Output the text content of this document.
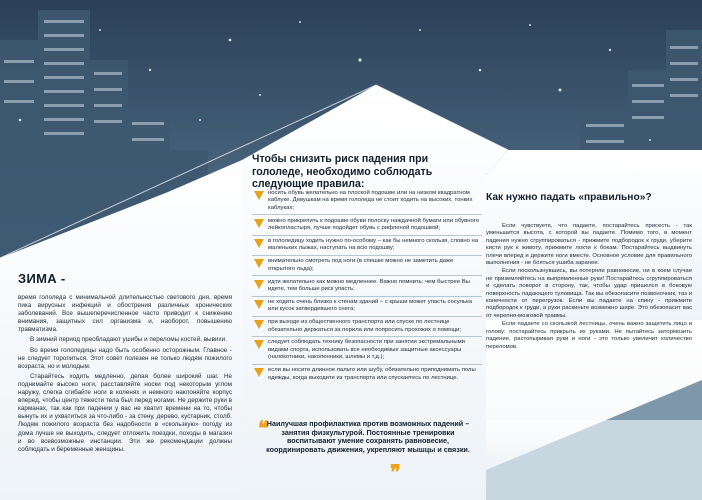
ЗИМА -

время гололеда с минимальной длительностью светового дня, время пика вирусных инфекций и обострения различных хронических заболеваний. Все вышеперечисленное часто приводит к снижению внимания, защитных сил организма и, наоборот, повышению травматизма.

В зимний период преобладают ушибы и переломы костей, вывихи.

Во время гололедицы надо быть особенно осторожным. Главное - не следует торопиться. Этот совет полезен не только людям пожилого возраста, но и молодым.

Старайтесь ходить медленно, делая более широкий шаг. Не поднимайте высоко ноги, расставляйте носки под некоторым углом наружу, слегка сгибайте ноги в коленях и немного наклоняйте корпус вперед, чтобы центр тяжести тела был перед ногами. Не держите руки в карманах, так как при падении у вас не хватит времени на то, чтобы вынуть их и ухватиться за что-либо - за стену, дерево, кустарник, столб. Людям пожилого возраста без надобности в «скользкую» погоду из дома лучше не выходить, следует отложить поездки, походы в магазин и во всевозможные инстанции. Эти же рекомендации должны соблюдать и беременные женщины.

Чтобы снизить риск падения при гололеде, необходимо соблюдать следующие правила:
носить обувь желательно на плоской подошве или на низком квадратном каблуке. Девушкам на время гололеда не стоит ходить на высоких, тонких каблуках;
можно прикрепить к подошве обуви полоску наждачной бумаги или обувного лейкопластыря, лучше подойдет обувь с рифленой подошвой;
в гололедицу ходить нужно по-особому – как бы немного скользя, словно на маленьких лыжах, наступать на всю подошву;
внимательно смотреть под ноги (в спешке можно не заметить даже открытого льда);
идти желательно как можно медленнее. Важно помнить: чем быстрее Вы идете, тем больше риск упасть;
не ходить очень близко к стенам зданий – с крыши может упасть сосулька или кусок затвердевшего снега;
при выходе из общественного транспорта или спуске по лестнице обязательно держаться за перила или попросить прохожих о помощи;
следует соблюдать технику безопасности при занятии экстремальными видами спорта, использовать все необходимые защитные аксессуары (налокотники, наколенники, шлемы и т.д.);
если вы носите длинное пальто или шубу, обязательно приподнимать полы одежды, когда выходите из транспорта или спускаетесь по лестнице.
❝
Наилучшая профилактика против возможных падений – занятия физкультурой. Постоянные тренировки воспитывают умение сохранять равновесие, координировать движения, укрепляют мышцы и связки.
❞
Как нужно падать «правильно»?

Если чувствуете, что падаете, постарайтесь присесть - так уменьшится высота, с которой вы падаете. Помимо того, в момент падения нужно сгруппироваться - прижмите подбородок к груди, уберите кисти рук к животу, прижмите локти к бокам. Постарайтесь выдвинуть плечи вперед и держите ноги вместе. Основное условие для правильного выполнения - не бояться ушиба заранее.

Если поскользнувшись, вы потеряли равновесие, ни в коем случае не приземляйтесь на выпрямленные руки! Постарайтесь сгруппироваться и сделать поворот в сторону, так, чтобы удар пришелся в боковую поверхность падающего туловища. Так вы обезопасите позвоночник, таз и конечности от перегрузок. Если вы падаете на спину - прижмите подбородок к груди, а руки раскиньте возможно шире. Это обезопасит вас от черепно-мозговой травмы.

Если падаете со скользкой лестницы, очень важно защитить лицо и голову: постарайтесь прикрыть их руками. Не пытайтесь затормозить падение, растопыривая руки и ноги - это только увеличит количество переломов.
